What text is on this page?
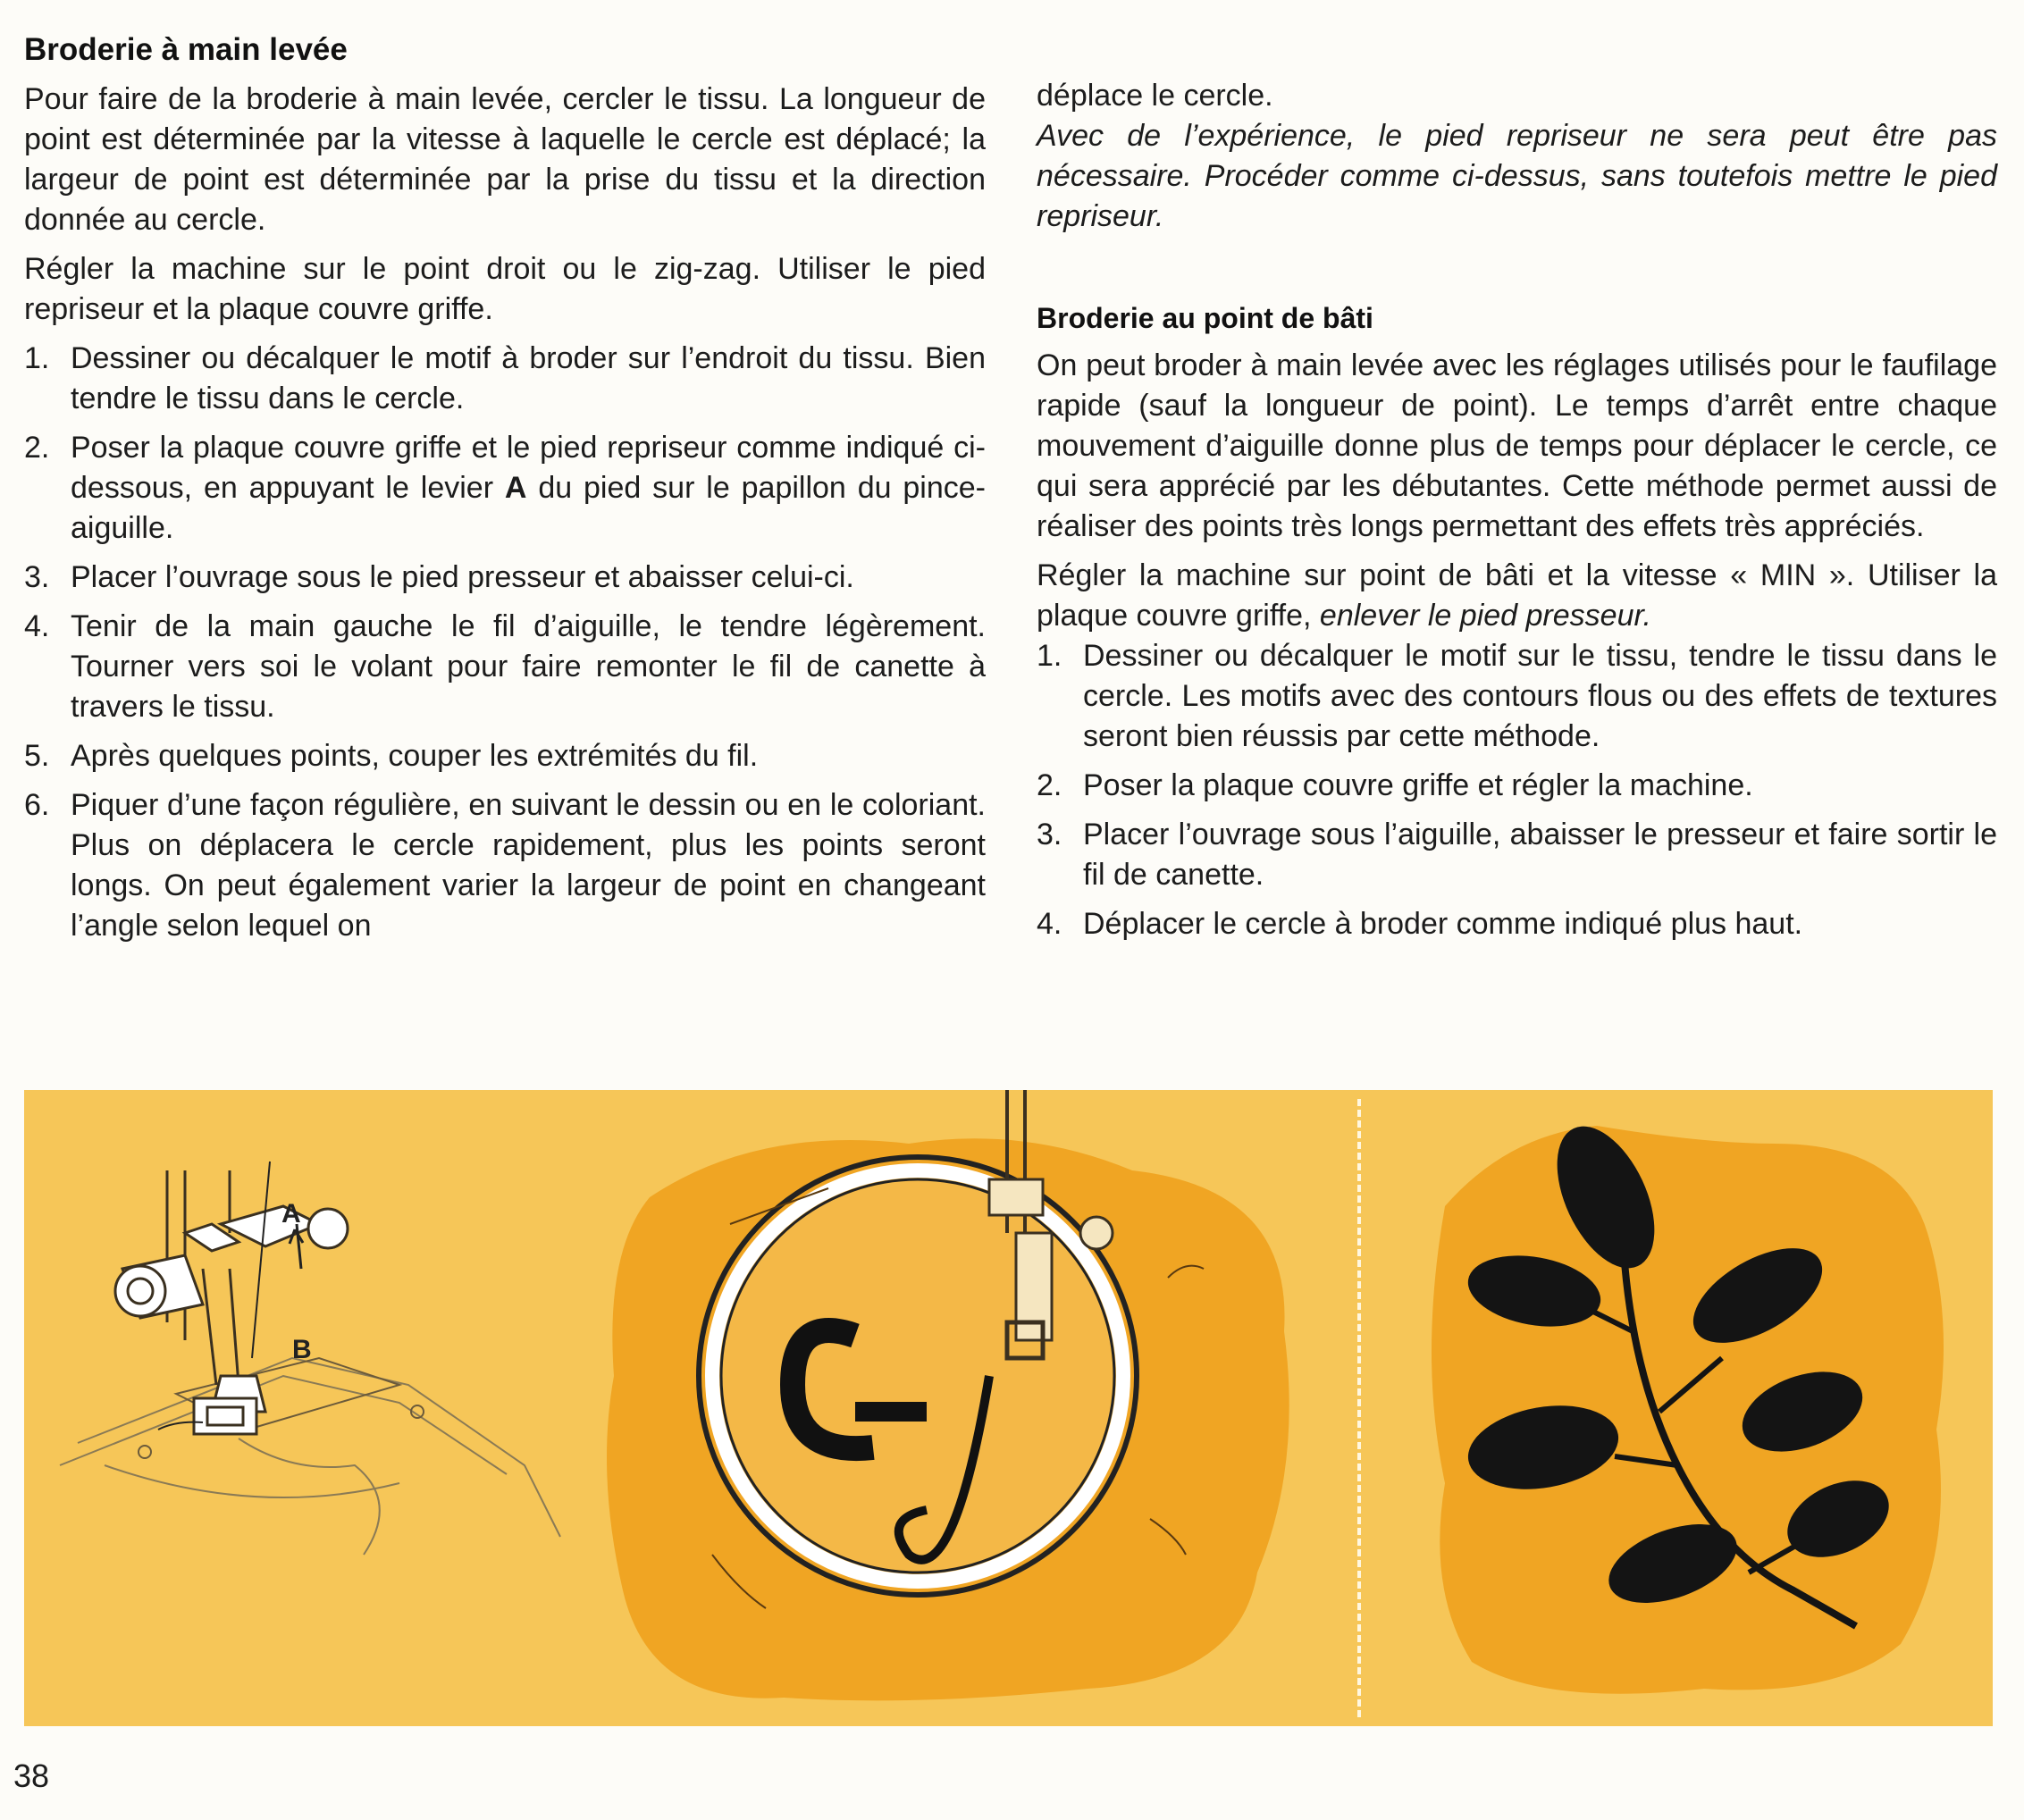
Broderie à main levée

Pour faire de la broderie à main levée, cercler le tissu. La longueur de point est déterminée par la vitesse à laquelle le cercle est déplacé; la largeur de point est déterminée par la prise du tissu et la direction donnée au cercle.

Régler la machine sur le point droit ou le zig-zag. Utiliser le pied repriseur et la plaque couvre griffe.

1. Dessiner ou décalquer le motif à broder sur l’endroit du tissu. Bien tendre le tissu dans le cercle.
2. Poser la plaque couvre griffe et le pied repriseur comme indiqué ci-dessous, en appuyant le levier A du pied sur le papillon du pince-aiguille.
3. Placer l’ouvrage sous le pied presseur et abaisser celui-ci.
4. Tenir de la main gauche le fil d’aiguille, le tendre légèrement. Tourner vers soi le volant pour faire remonter le fil de canette à travers le tissu.
5. Après quelques points, couper les extrémités du fil.
6. Piquer d’une façon régulière, en suivant le dessin ou en le coloriant. Plus on déplacera le cercle rapidement, plus les points seront longs. On peut également varier la largeur de point en changeant l’angle selon lequel on

déplace le cercle.

Avec de l’expérience, le pied repriseur ne sera peut être pas nécessaire. Procéder comme ci-dessus, sans toutefois mettre le pied repriseur.

Broderie au point de bâti

On peut broder à main levée avec les réglages utilisés pour le faufilage rapide (sauf la longueur de point). Le temps d’arrêt entre chaque mouvement d’aiguille donne plus de temps pour déplacer le cercle, ce qui sera apprécié par les débutantes. Cette méthode permet aussi de réaliser des points très longs permettant des effets très appréciés.

Régler la machine sur point de bâti et la vitesse « MIN ». Utiliser la plaque couvre griffe, enlever le pied presseur.

1. Dessiner ou décalquer le motif sur le tissu, tendre le tissu dans le cercle. Les motifs avec des contours flous ou des effets de textures seront bien réussis par cette méthode.
2. Poser la plaque couvre griffe et régler la machine.
3. Placer l’ouvrage sous l’aiguille, abaisser le presseur et faire sortir le fil de canette.
4. Déplacer le cercle à broder comme indiqué plus haut.
A
B
38
